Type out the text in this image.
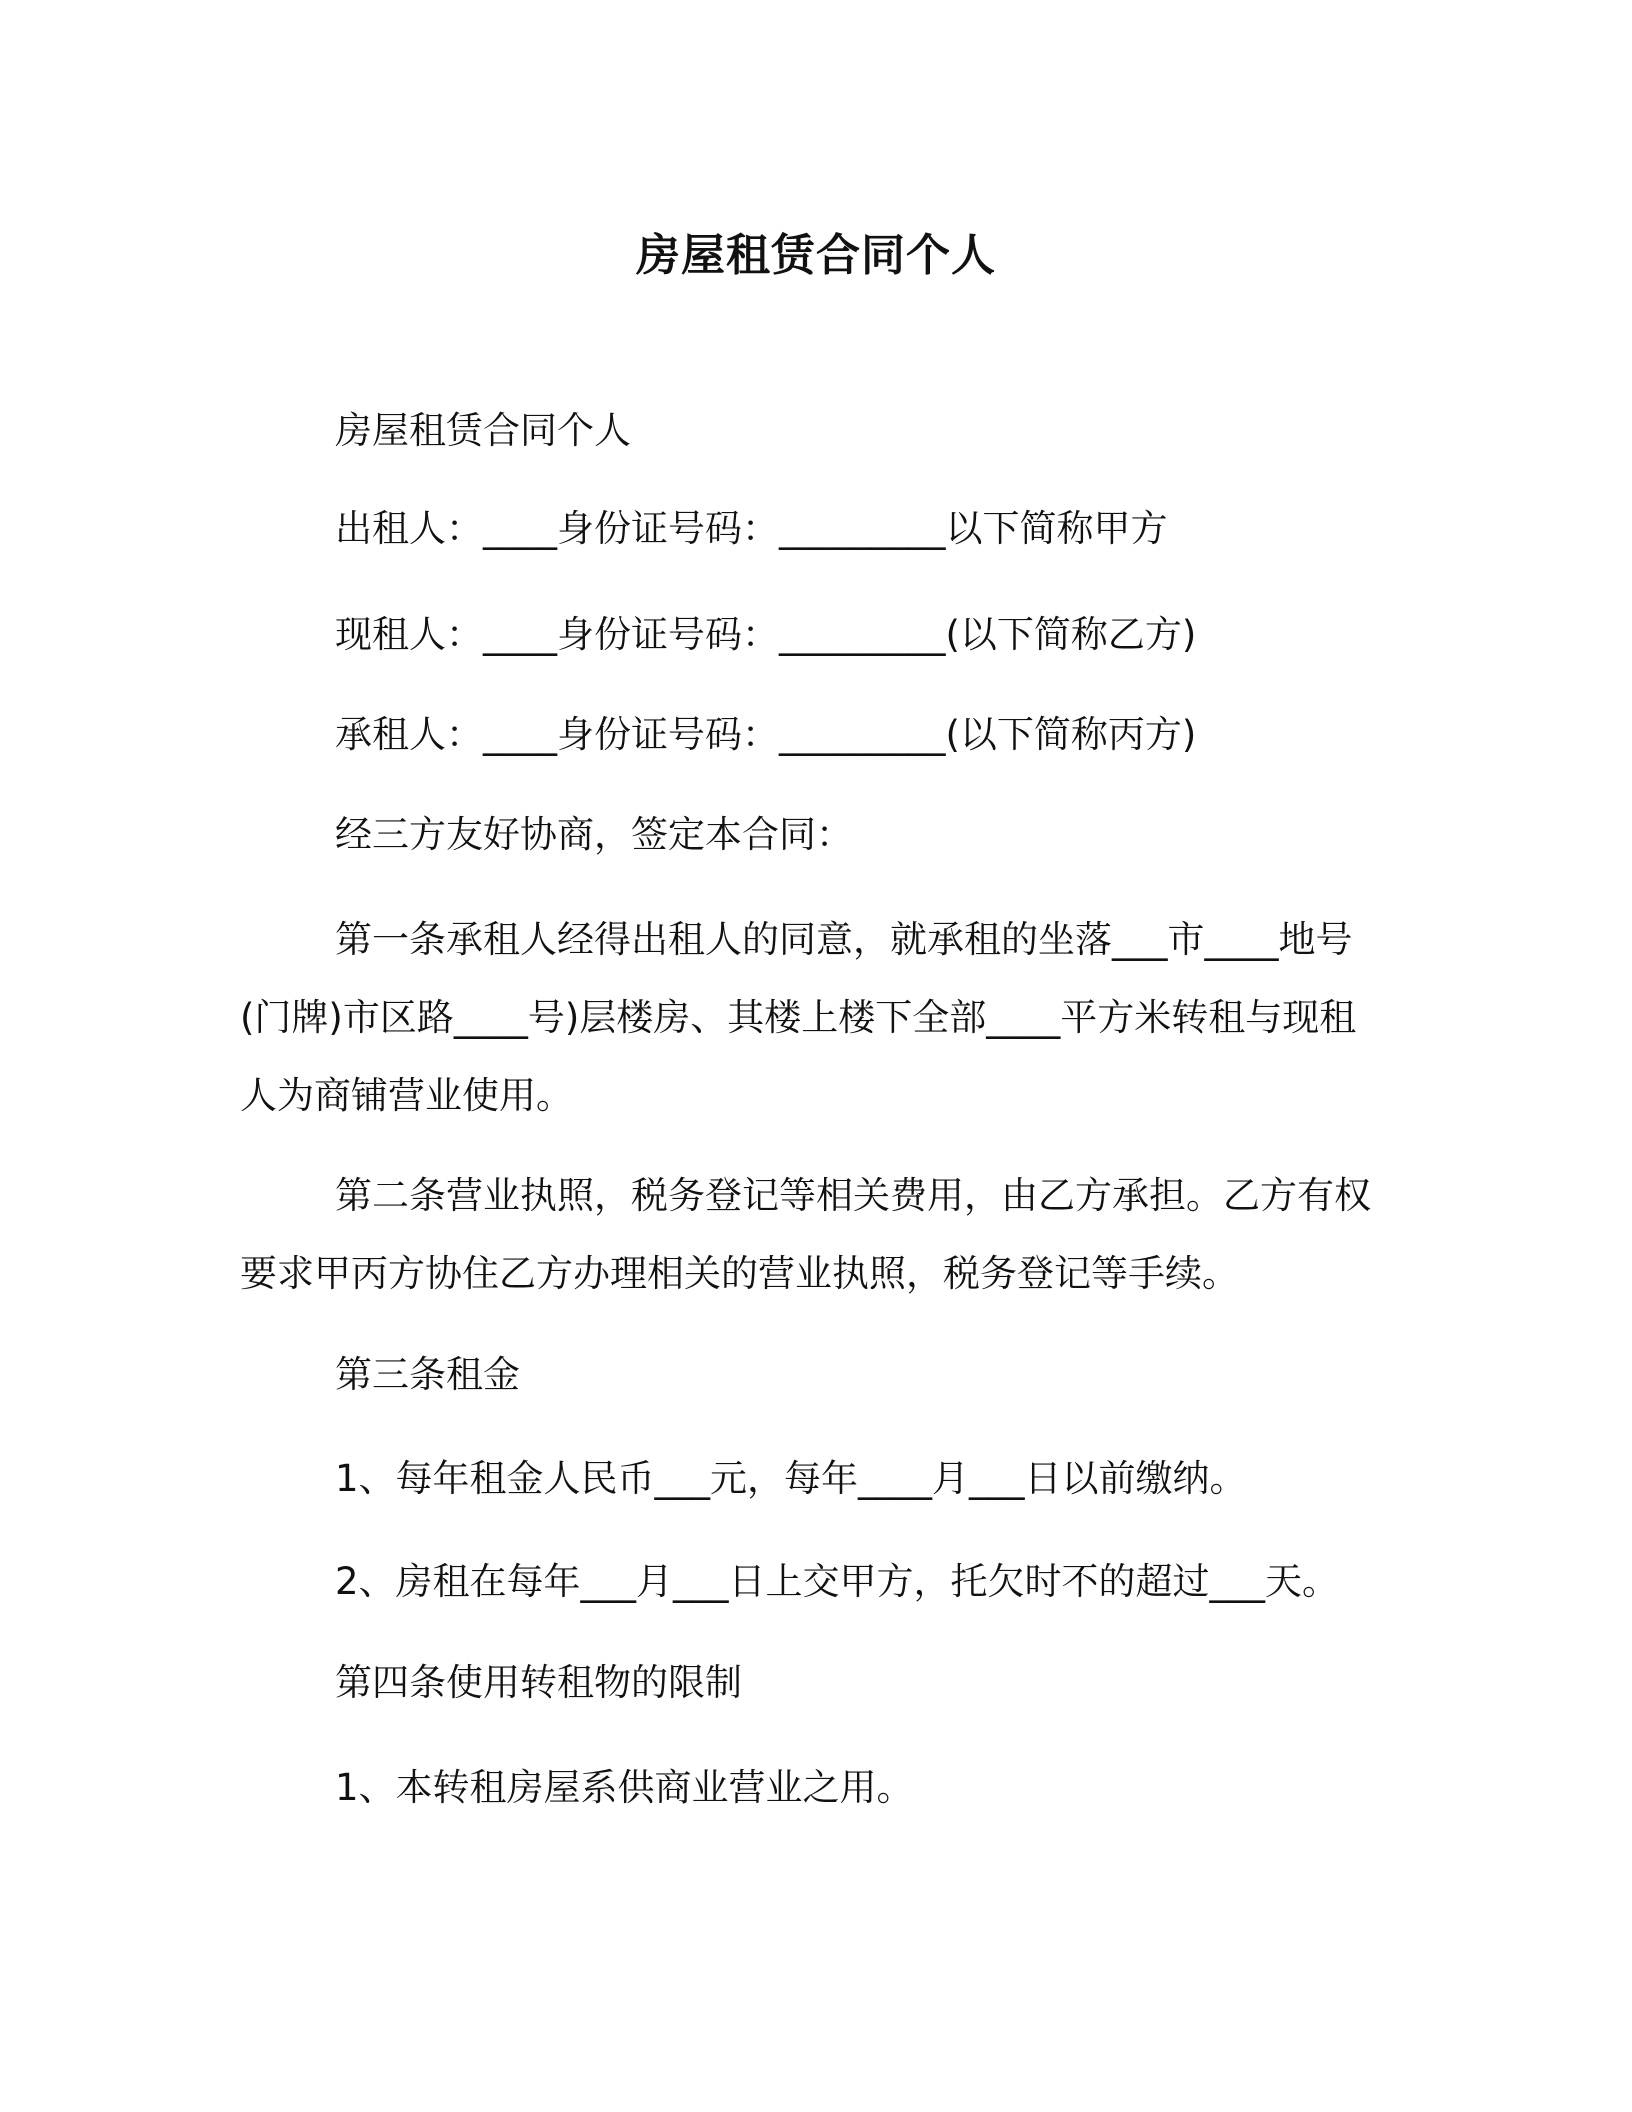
房屋租赁合同个人

房屋租赁合同个人

出租人：____身份证号码：_________以下简称甲方

现租人：____身份证号码：_________(以下简称乙方)

承租人：____身份证号码：_________(以下简称丙方)

经三方友好协商，签定本合同：

第一条承租人经得出租人的同意，就承租的坐落___市____地号(门牌)市区路____号)层楼房、其楼上楼下全部____平方米转租与现租人为商铺营业使用。

第二条营业执照，税务登记等相关费用，由乙方承担。乙方有权要求甲丙方协住乙方办理相关的营业执照，税务登记等手续。

第三条租金

1、每年租金人民币___元，每年____月___日以前缴纳。

2、房租在每年___月___日上交甲方，托欠时不的超过___天。

第四条使用转租物的限制

1、本转租房屋系供商业营业之用。
